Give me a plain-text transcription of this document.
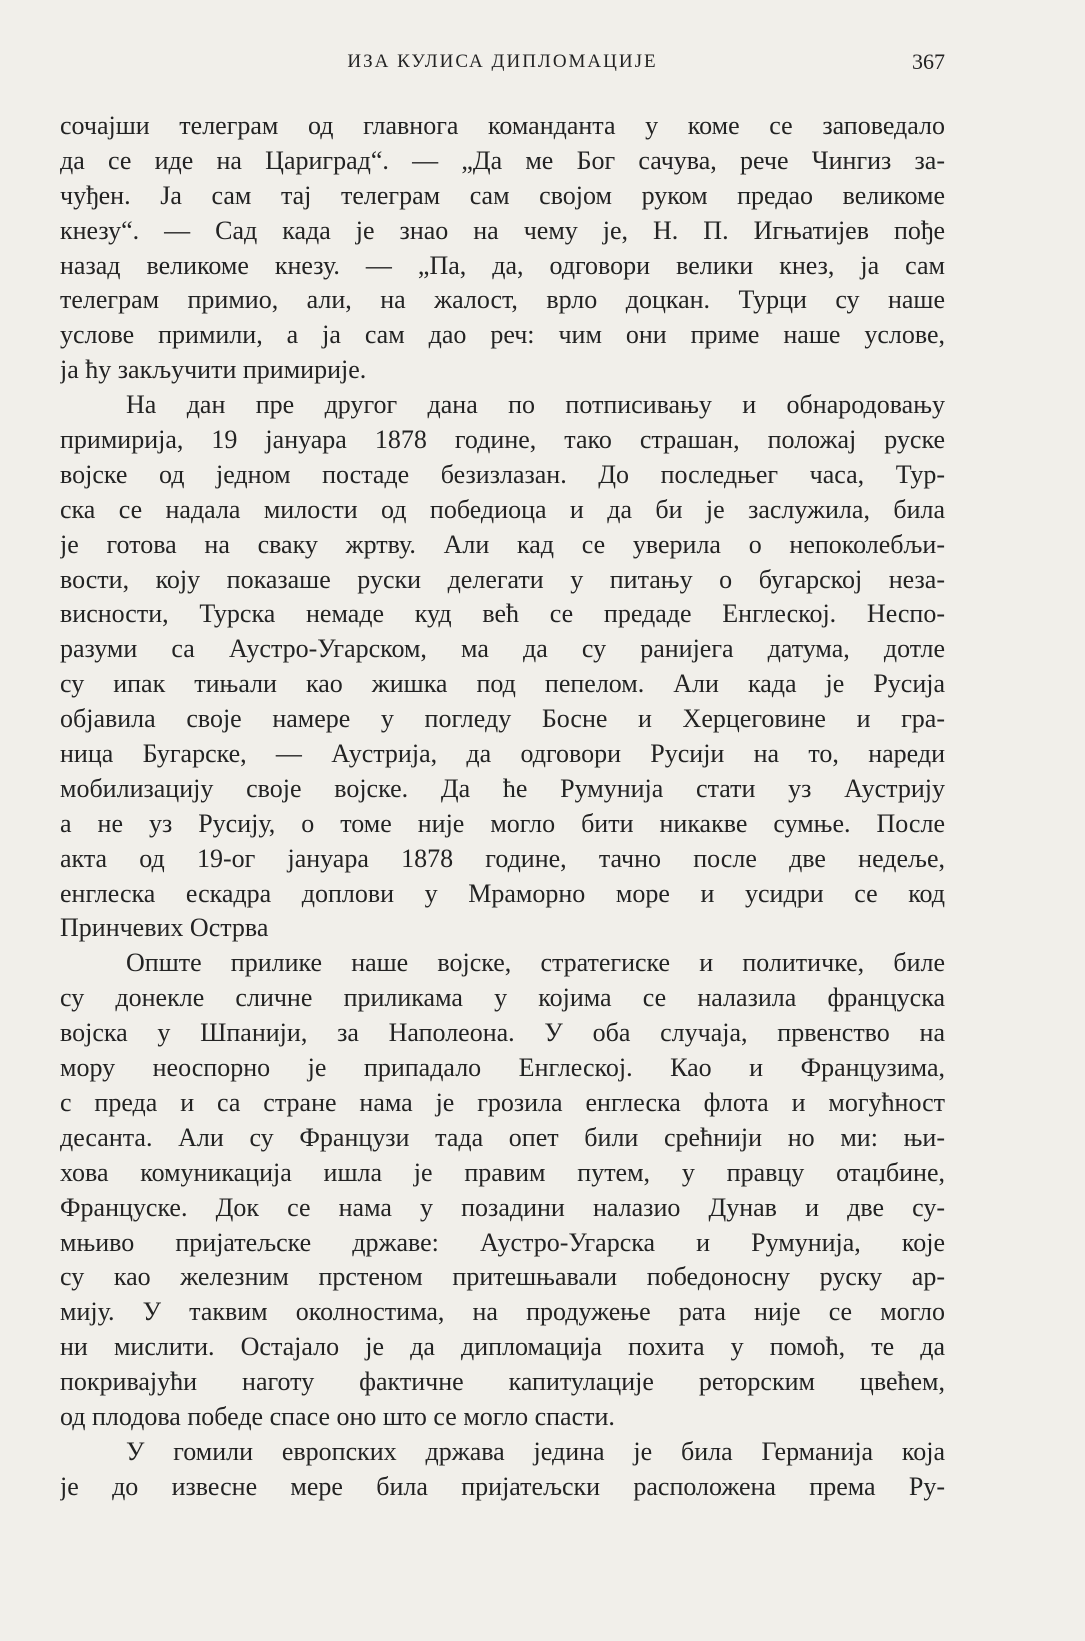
ИЗА КУЛИСА ДИПЛОМАЦИЈЕ	367
сочајши телеграм од главнога команданта у коме се заповедало
да се иде на Цариград“. — „Да ме Бог сачува, рече Чингиз за-
чуђен. Ја сам тај телеграм сам својом руком предао великоме
кнезу“. — Сад када је знао на чему је, Н. П. Игњатијев пође
назад великоме кнезу. — „Па, да, одговори велики кнез, ја сам
телеграм примио, али, на жалост, врло доцкан. Турци су наше
услове примили, а ја сам дао реч: чим они приме наше услове,
ја ћу закључити примирије.
На дан пре другог дана по потписивању и обнародовању
примирија, 19 јануара 1878 године, тако страшан, положај руске
војске од једном постаде безизлазан. До последњег часа, Тур-
ска се надала милости од победиоца и да би је заслужила, била
је готова на сваку жртву. Али кад се уверила о непоколебљи-
вости, коју показаше руски делегати у питању о бугарској неза-
висности, Турска немаде куд већ се предаде Енглеској. Неспо-
разуми са Аустро-Угарском, ма да су ранијега датума, дотле
су ипак тињали као жишка под пепелом. Али када је Русија
објавила своје намере у погледу Босне и Херцеговине и гра-
ница Бугарске, — Аустрија, да одговори Русији на то, нареди
мобилизацију своје војске. Да ће Румунија стати уз Аустрију
а не уз Русију, о томе није могло бити никакве сумње. После
акта од 19-ог јануара 1878 године, тачно после две недеље,
енглеска ескадра доплови у Мраморно море и усидри се код
Принчевих Острва
Опште прилике наше војске, стратегиске и политичке, биле
су донекле сличне приликама у којима се налазила француска
војска у Шпанији, за Наполеона. У оба случаја, првенство на
мору неоспорно је припадало Енглеској. Као и Французима,
с преда и са стране нама је грозила енглеска флота и могућност
десанта. Али су Французи тада опет били срећнији но ми: њи-
хова комуникација ишла је правим путем, у правцу отаџбине,
Француске. Док се нама у позадини налазио Дунав и две су-
мњиво пријатељске државе: Аустро-Угарска и Румунија, које
су као железним прстеном притешњавали победоносну руску ар-
мију. У таквим околностима, на продужење рата није се могло
ни мислити. Остајало је да дипломација похита у помоћ, те да
покривајући наготу фактичне капитулације реторским цвећем,
од плодова победе спасе оно што се могло спасти.
У гомили европских држава једина је била Германија која
је до извесне мере била пријатељски расположена према Ру-
